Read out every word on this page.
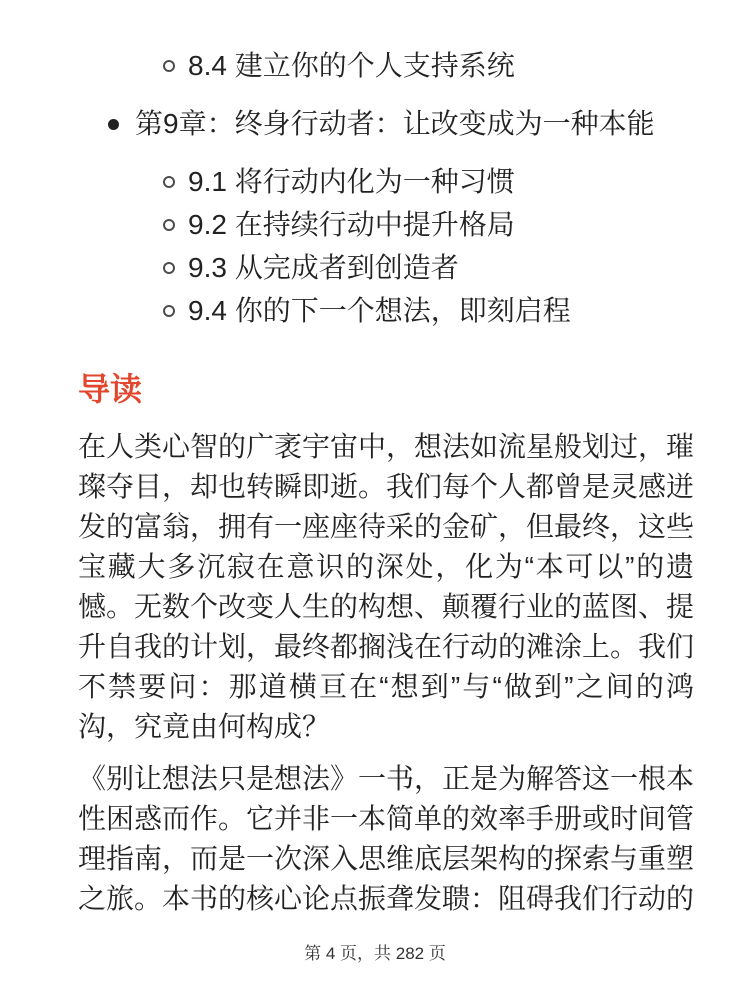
8.4 建立你的个人支持系统
第9章：终身行动者：让改变成为一种本能
9.1 将行动内化为一种习惯
9.2 在持续行动中提升格局
9.3 从完成者到创造者
9.4 你的下一个想法，即刻启程
导读

在人类心智的广袤宇宙中，想法如流星般划过，璀璨夺目，却也转瞬即逝。我们每个人都曾是灵感迸发的富翁，拥有一座座待采的金矿，但最终，这些宝藏大多沉寂在意识的深处，化为“本可以”的遗憾。无数个改变人生的构想、颠覆行业的蓝图、提升自我的计划，最终都搁浅在行动的滩涂上。我们不禁要问：那道横亘在“想到”与“做到”之间的鸿沟，究竟由何构成？

《别让想法只是想法》一书，正是为解答这一根本性困惑而作。它并非一本简单的效率手册或时间管理指南，而是一次深入思维底层架构的探索与重塑之旅。本书的核心论点振聋发聩：阻碍我们行动的

第 4 页，共 282 页
